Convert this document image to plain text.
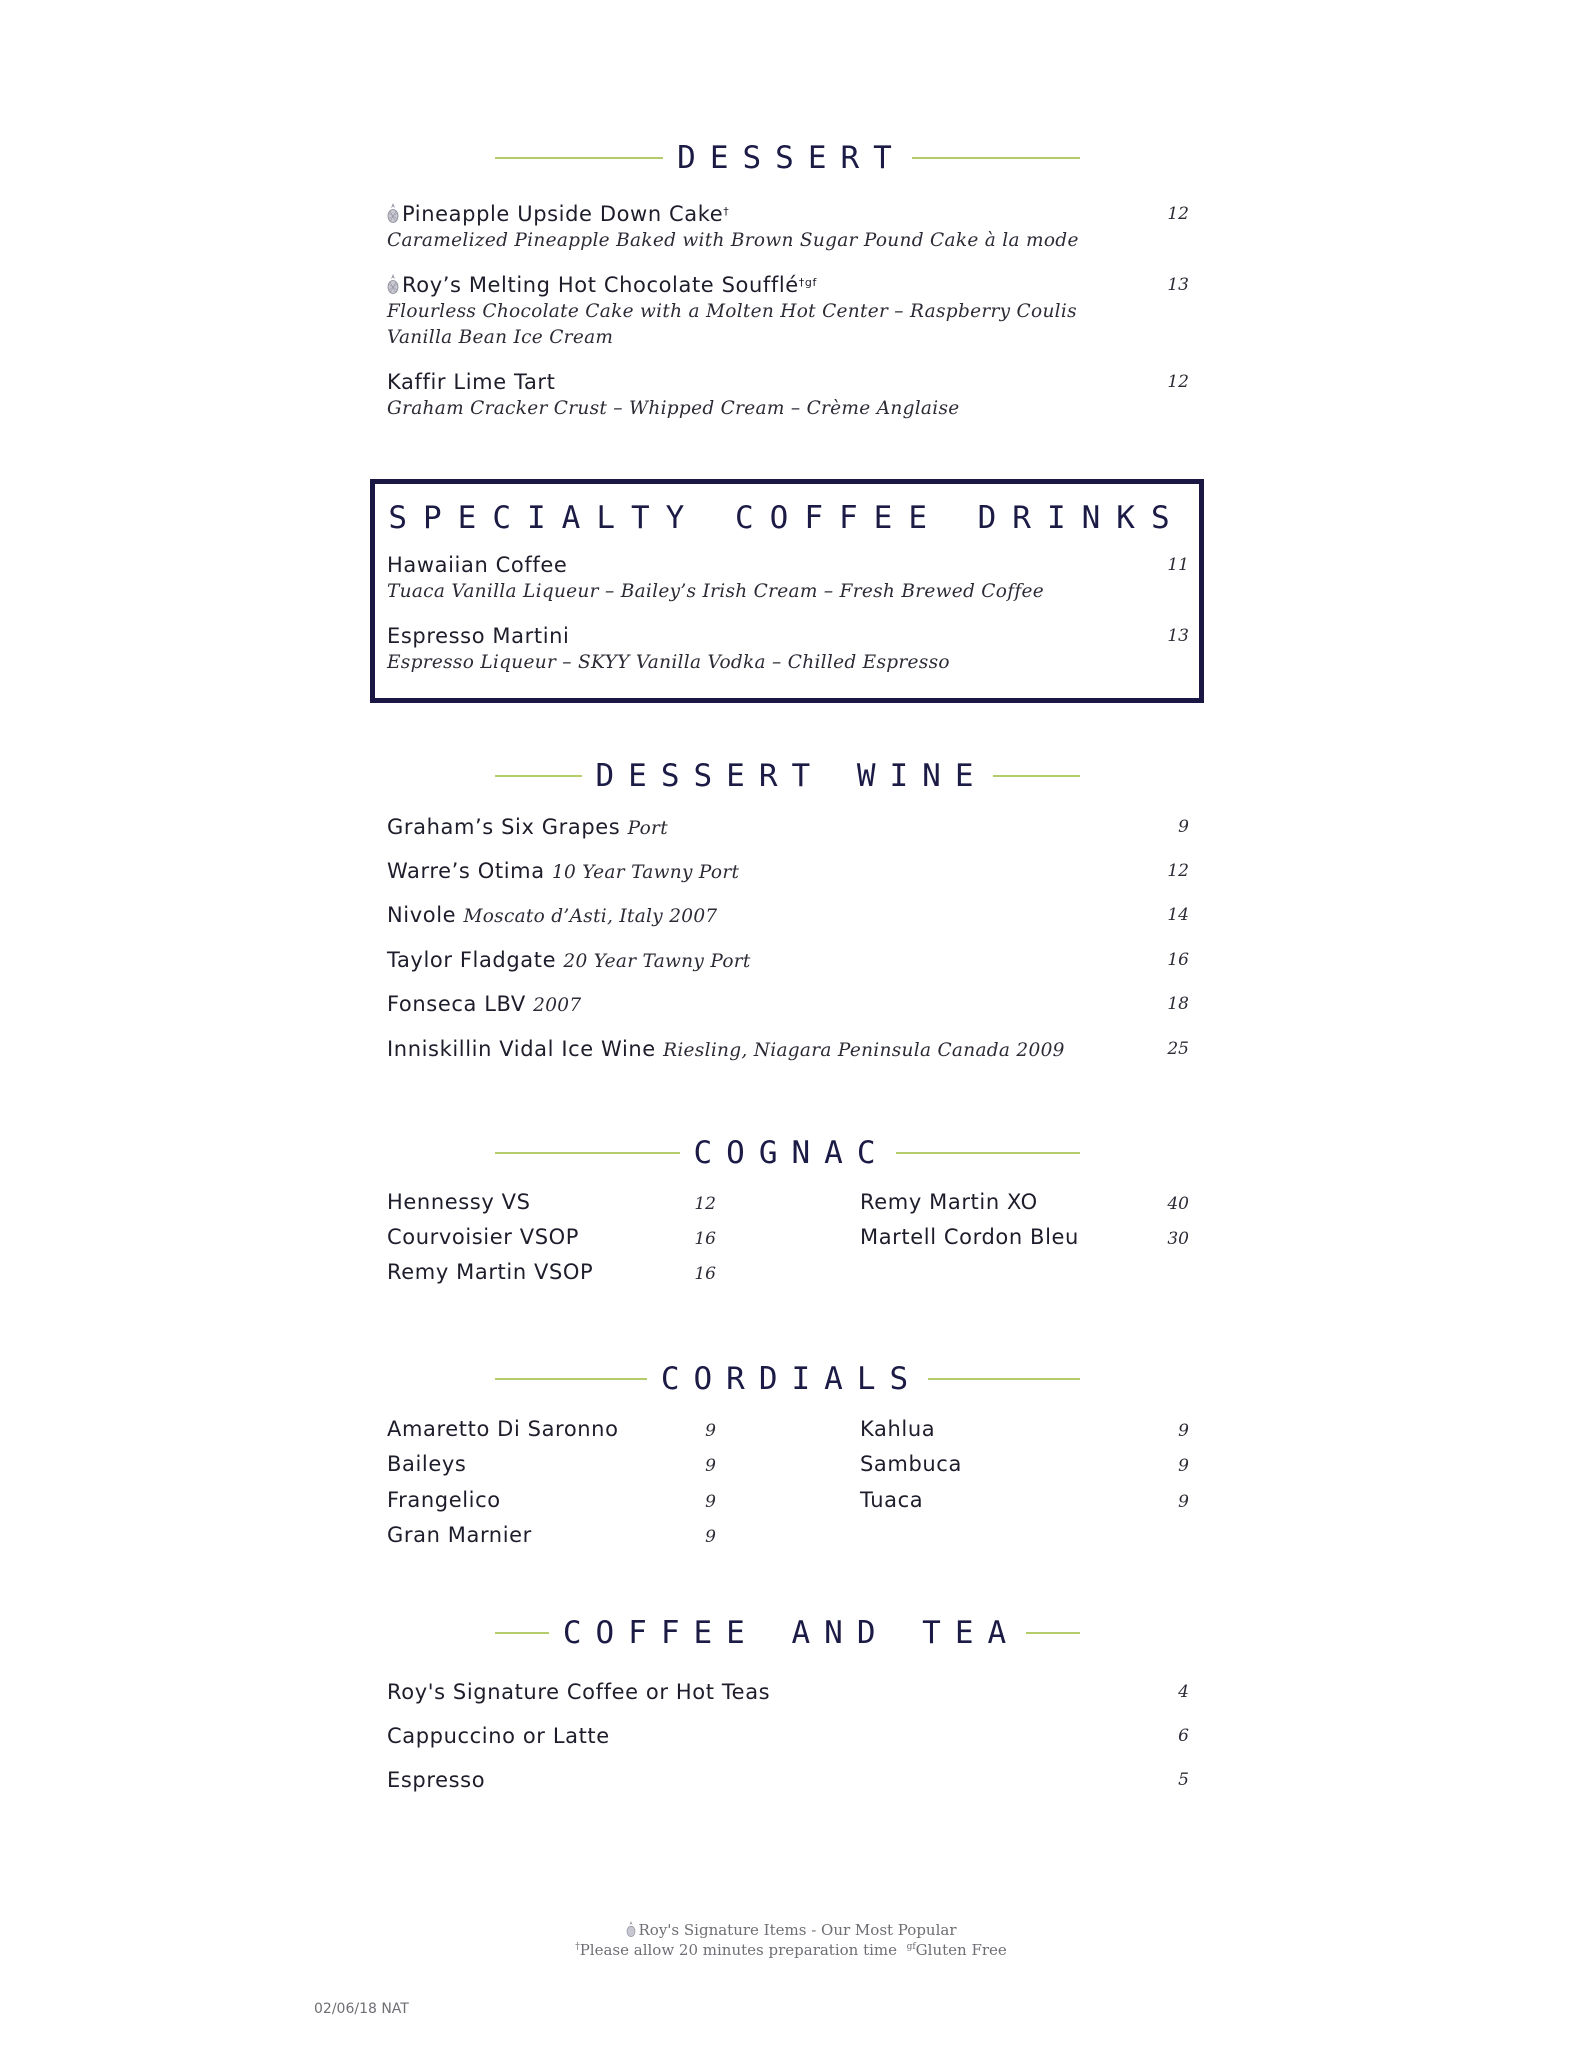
DESSERT
Pineapple Upside Down Cake†
Caramelized Pineapple Baked with Brown Sugar Pound Cake à la mode
12
Roy’s Melting Hot Chocolate Soufflé$^{\dagger gf}$
Flourless Chocolate Cake with a Molten Hot Center – Raspberry Coulis
Vanilla Bean Ice Cream
13
Kaffir Lime Tart
Graham Cracker Crust – Whipped Cream – Crème Anglaise
12
SPECIALTY COFFEE DRINKS
Hawaiian Coffee
Tuaca Vanilla Liqueur – Bailey’s Irish Cream – Fresh Brewed Coffee
11
Espresso Martini
Espresso Liqueur – SKYY Vanilla Vodka – Chilled Espresso
13
DESSERT WINE
Graham’s Six Grapes Port	9
Warre’s Otima 10 Year Tawny Port	12
Nivole Moscato d’Asti, Italy 2007	14
Taylor Fladgate 20 Year Tawny Port	16
Fonseca LBV 2007	18
Inniskillin Vidal Ice Wine Riesling, Niagara Peninsula Canada 2009	25
COGNAC
Hennessy VS	12
Courvoisier VSOP	16
Remy Martin VSOP	16
Remy Martin XO	40
Martell Cordon Bleu	30
CORDIALS
Amaretto Di Saronno	9
Baileys	9
Frangelico	9
Gran Marnier	9
Kahlua	9
Sambuca	9
Tuaca	9
COFFEE AND TEA
Roy's Signature Coffee or Hot Teas	4
Cappuccino or Latte	6
Espresso	5
Roy's Signature Items - Our Most Popular
†Please allow 20 minutes preparation time $^{gf}$Gluten Free
02/06/18 NAT
